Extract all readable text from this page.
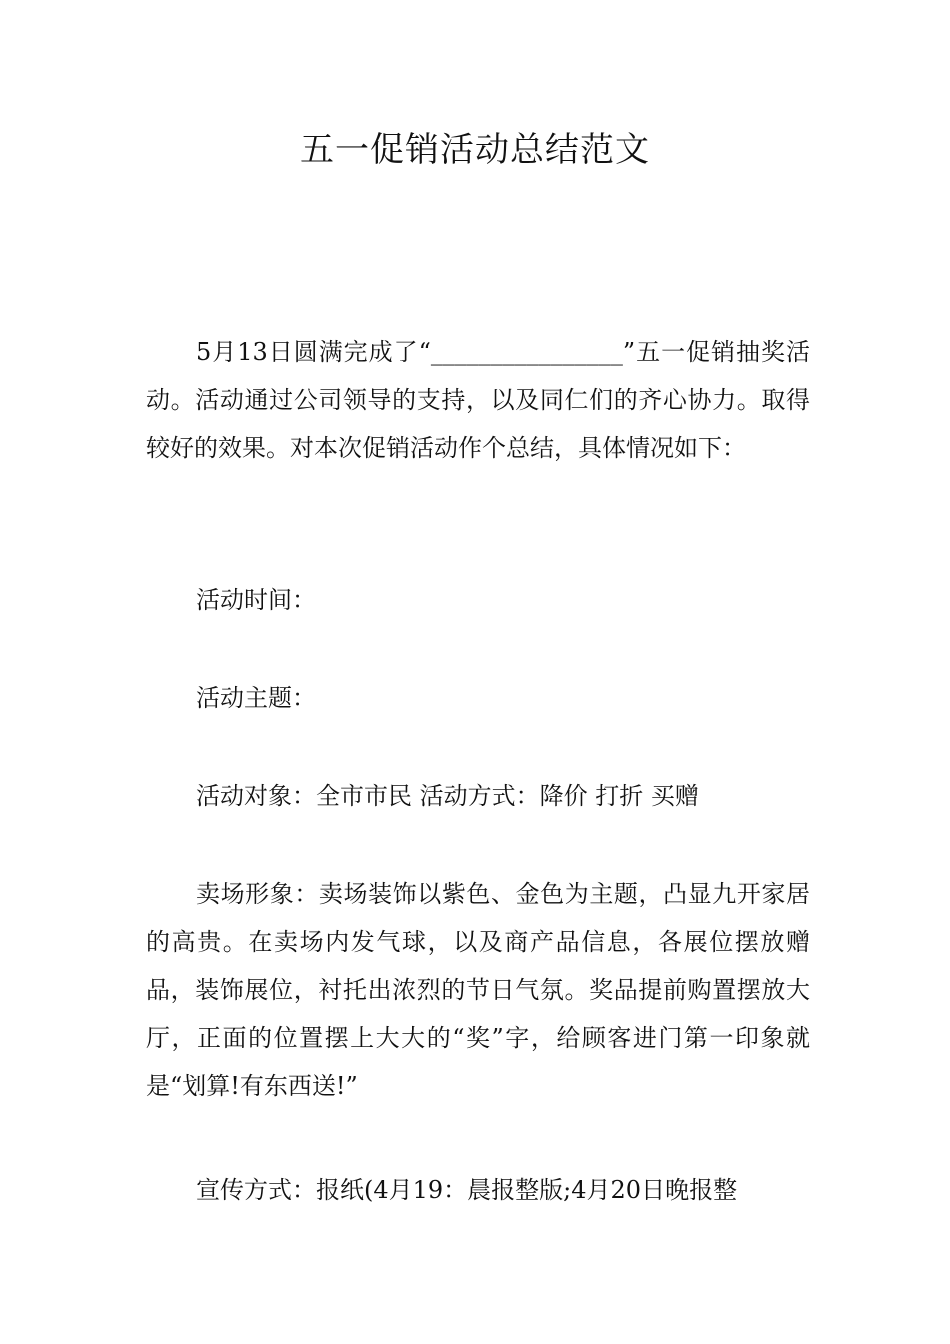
五一促销活动总结范文

5月13日圆满完成了“________________”五一促销抽奖活动。活动通过公司领导的支持，以及同仁们的齐心协力。取得较好的效果。对本次促销活动作个总结，具体情况如下：

活动时间：

活动主题：

活动对象：全市市民 活动方式：降价 打折 买赠

卖场形象：卖场装饰以紫色、金色为主题，凸显九开家居的高贵。在卖场内发气球，以及商产品信息，各展位摆放赠品，装饰展位，衬托出浓烈的节日气氛。奖品提前购置摆放大厅，正面的位置摆上大大的“奖”字，给顾客进门第一印象就是“划算!有东西送!”

宣传方式：报纸(4月19：晨报整版;4月20日晚报整
